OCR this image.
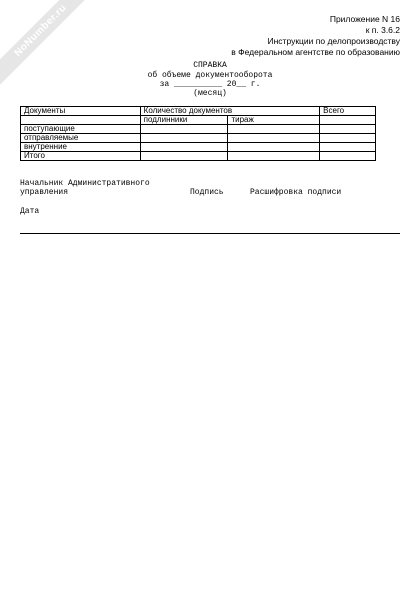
NoNumber.ru	Приложение N 16
к п. 3.6.2
Инструкции по делопроизводству
в Федеральном агентстве по образованию
СПРАВКА
об объеме документооборота
за __________ 20__ г.
(месяц)
Документы	Количество документов		Всего
	подлинники	тираж	
поступающие			
отправляемые			
внутренние			
Итого			
Начальник Административного
управления	Подпись	Расшифровка подписи
Дата
